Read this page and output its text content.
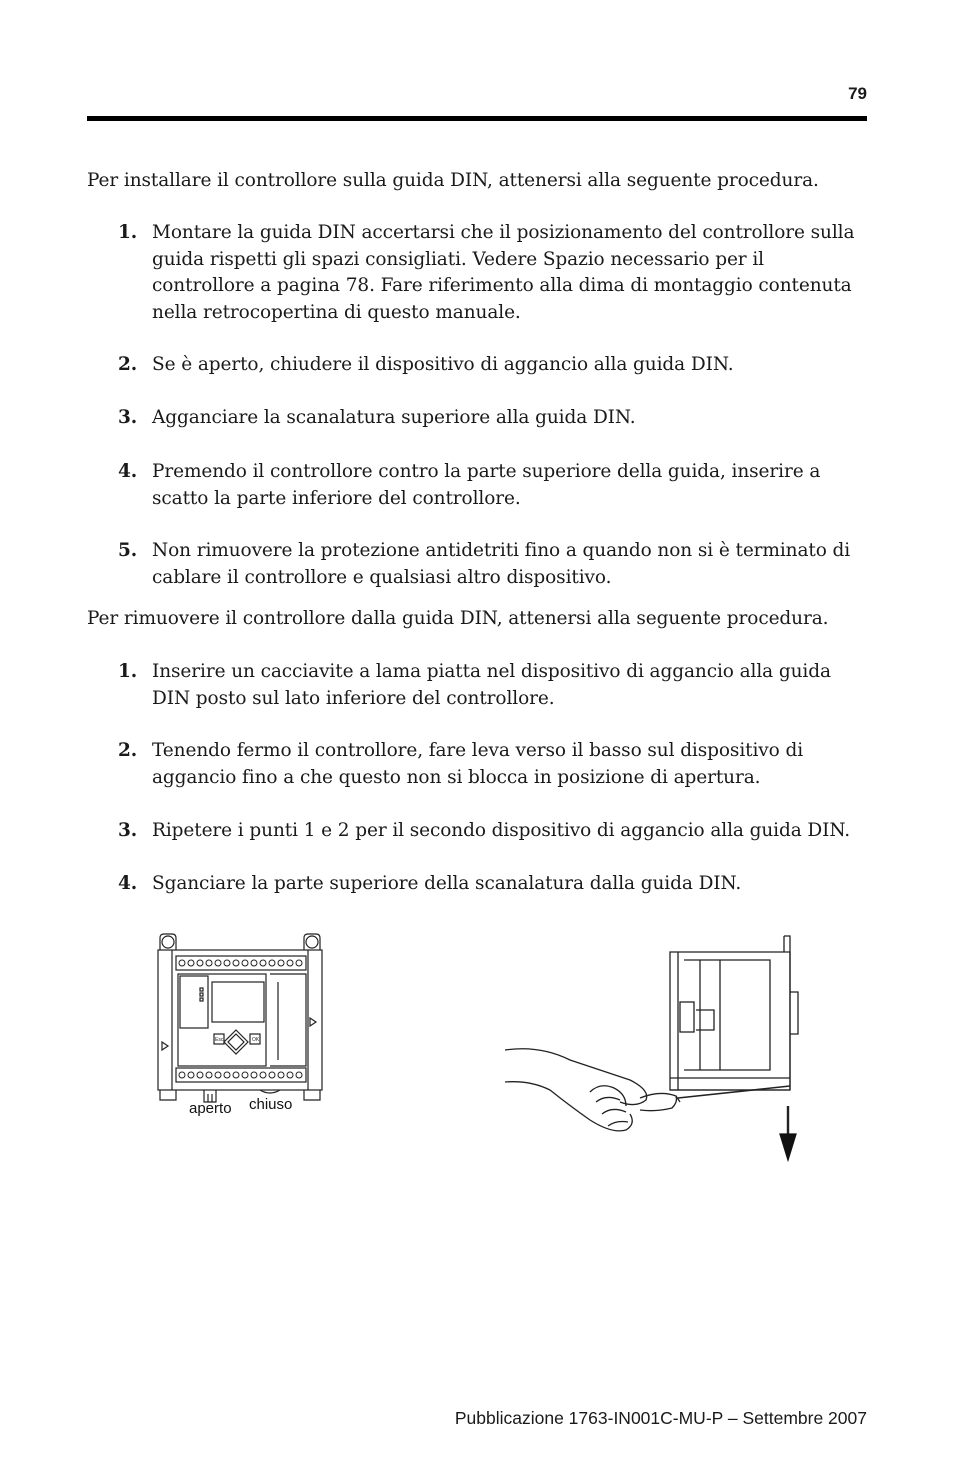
79

Per installare il controllore sulla guida DIN, attenersi alla seguente procedura.

1. Montare la guida DIN accertarsi che il posizionamento del controllore sulla guida rispetti gli spazi consigliati. Vedere Spazio necessario per il controllore a pagina 78. Fare riferimento alla dima di montaggio contenuta nella retrocopertina di questo manuale.
2. Se è aperto, chiudere il dispositivo di aggancio alla guida DIN.
3. Agganciare la scanalatura superiore alla guida DIN.
4. Premendo il controllore contro la parte superiore della guida, inserire a scatto la parte inferiore del controllore.
5. Non rimuovere la protezione antidetriti fino a quando non si è terminato di cablare il controllore e qualsiasi altro dispositivo.

Per rimuovere il controllore dalla guida DIN, attenersi alla seguente procedura.

1. Inserire un cacciavite a lama piatta nel dispositivo di aggancio alla guida DIN posto sul lato inferiore del controllore.
2. Tenendo fermo il controllore, fare leva verso il basso sul dispositivo di aggancio fino a che questo non si blocca in posizione di apertura.
3. Ripetere i punti 1 e 2 per il secondo dispositivo di aggancio alla guida DIN.
4. Sganciare la parte superiore della scanalatura dalla guida DIN.
Esc	OK
aperto chiuso
Pubblicazione 1763-IN001C-MU-P – Settembre 2007
